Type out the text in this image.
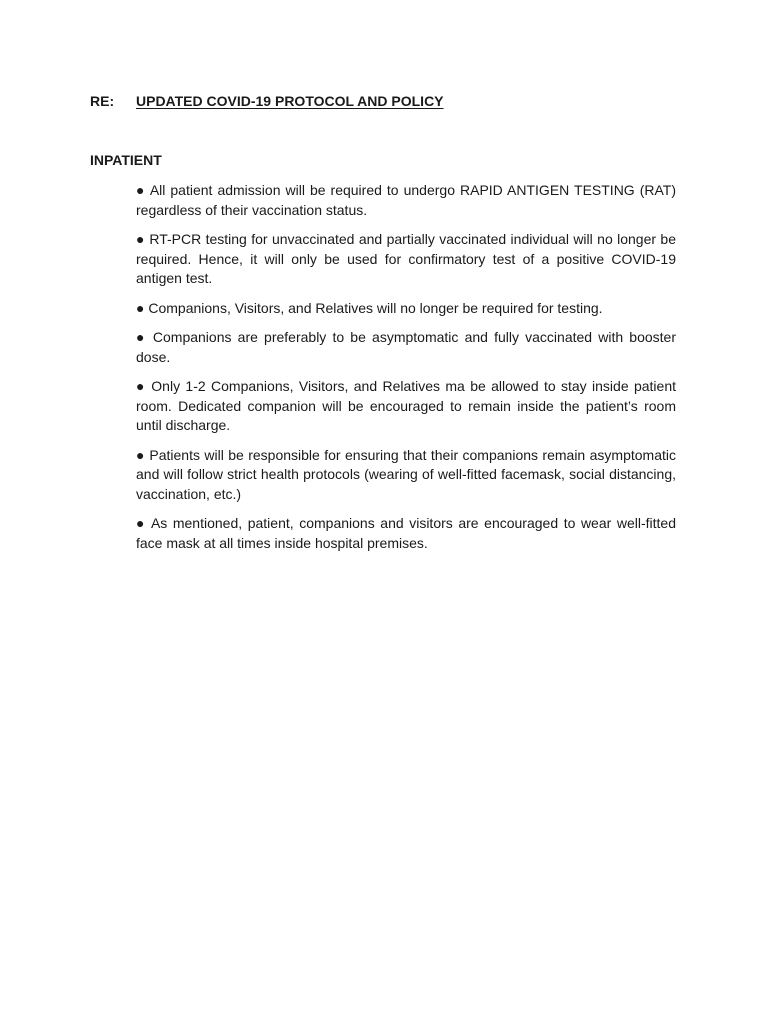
RE: UPDATED COVID-19 PROTOCOL AND POLICY
INPATIENT
● All patient admission will be required to undergo RAPID ANTIGEN TESTING (RAT) regardless of their vaccination status.
● RT-PCR testing for unvaccinated and partially vaccinated individual will no longer be required. Hence, it will only be used for confirmatory test of a positive COVID-19 antigen test.
● Companions, Visitors, and Relatives will no longer be required for testing.
● Companions are preferably to be asymptomatic and fully vaccinated with booster dose.
● Only 1-2 Companions, Visitors, and Relatives ma be allowed to stay inside patient room. Dedicated companion will be encouraged to remain inside the patient’s room until discharge.
● Patients will be responsible for ensuring that their companions remain asymptomatic and will follow strict health protocols (wearing of well-fitted facemask, social distancing, vaccination, etc.)
● As mentioned, patient, companions and visitors are encouraged to wear well-fitted face mask at all times inside hospital premises.
